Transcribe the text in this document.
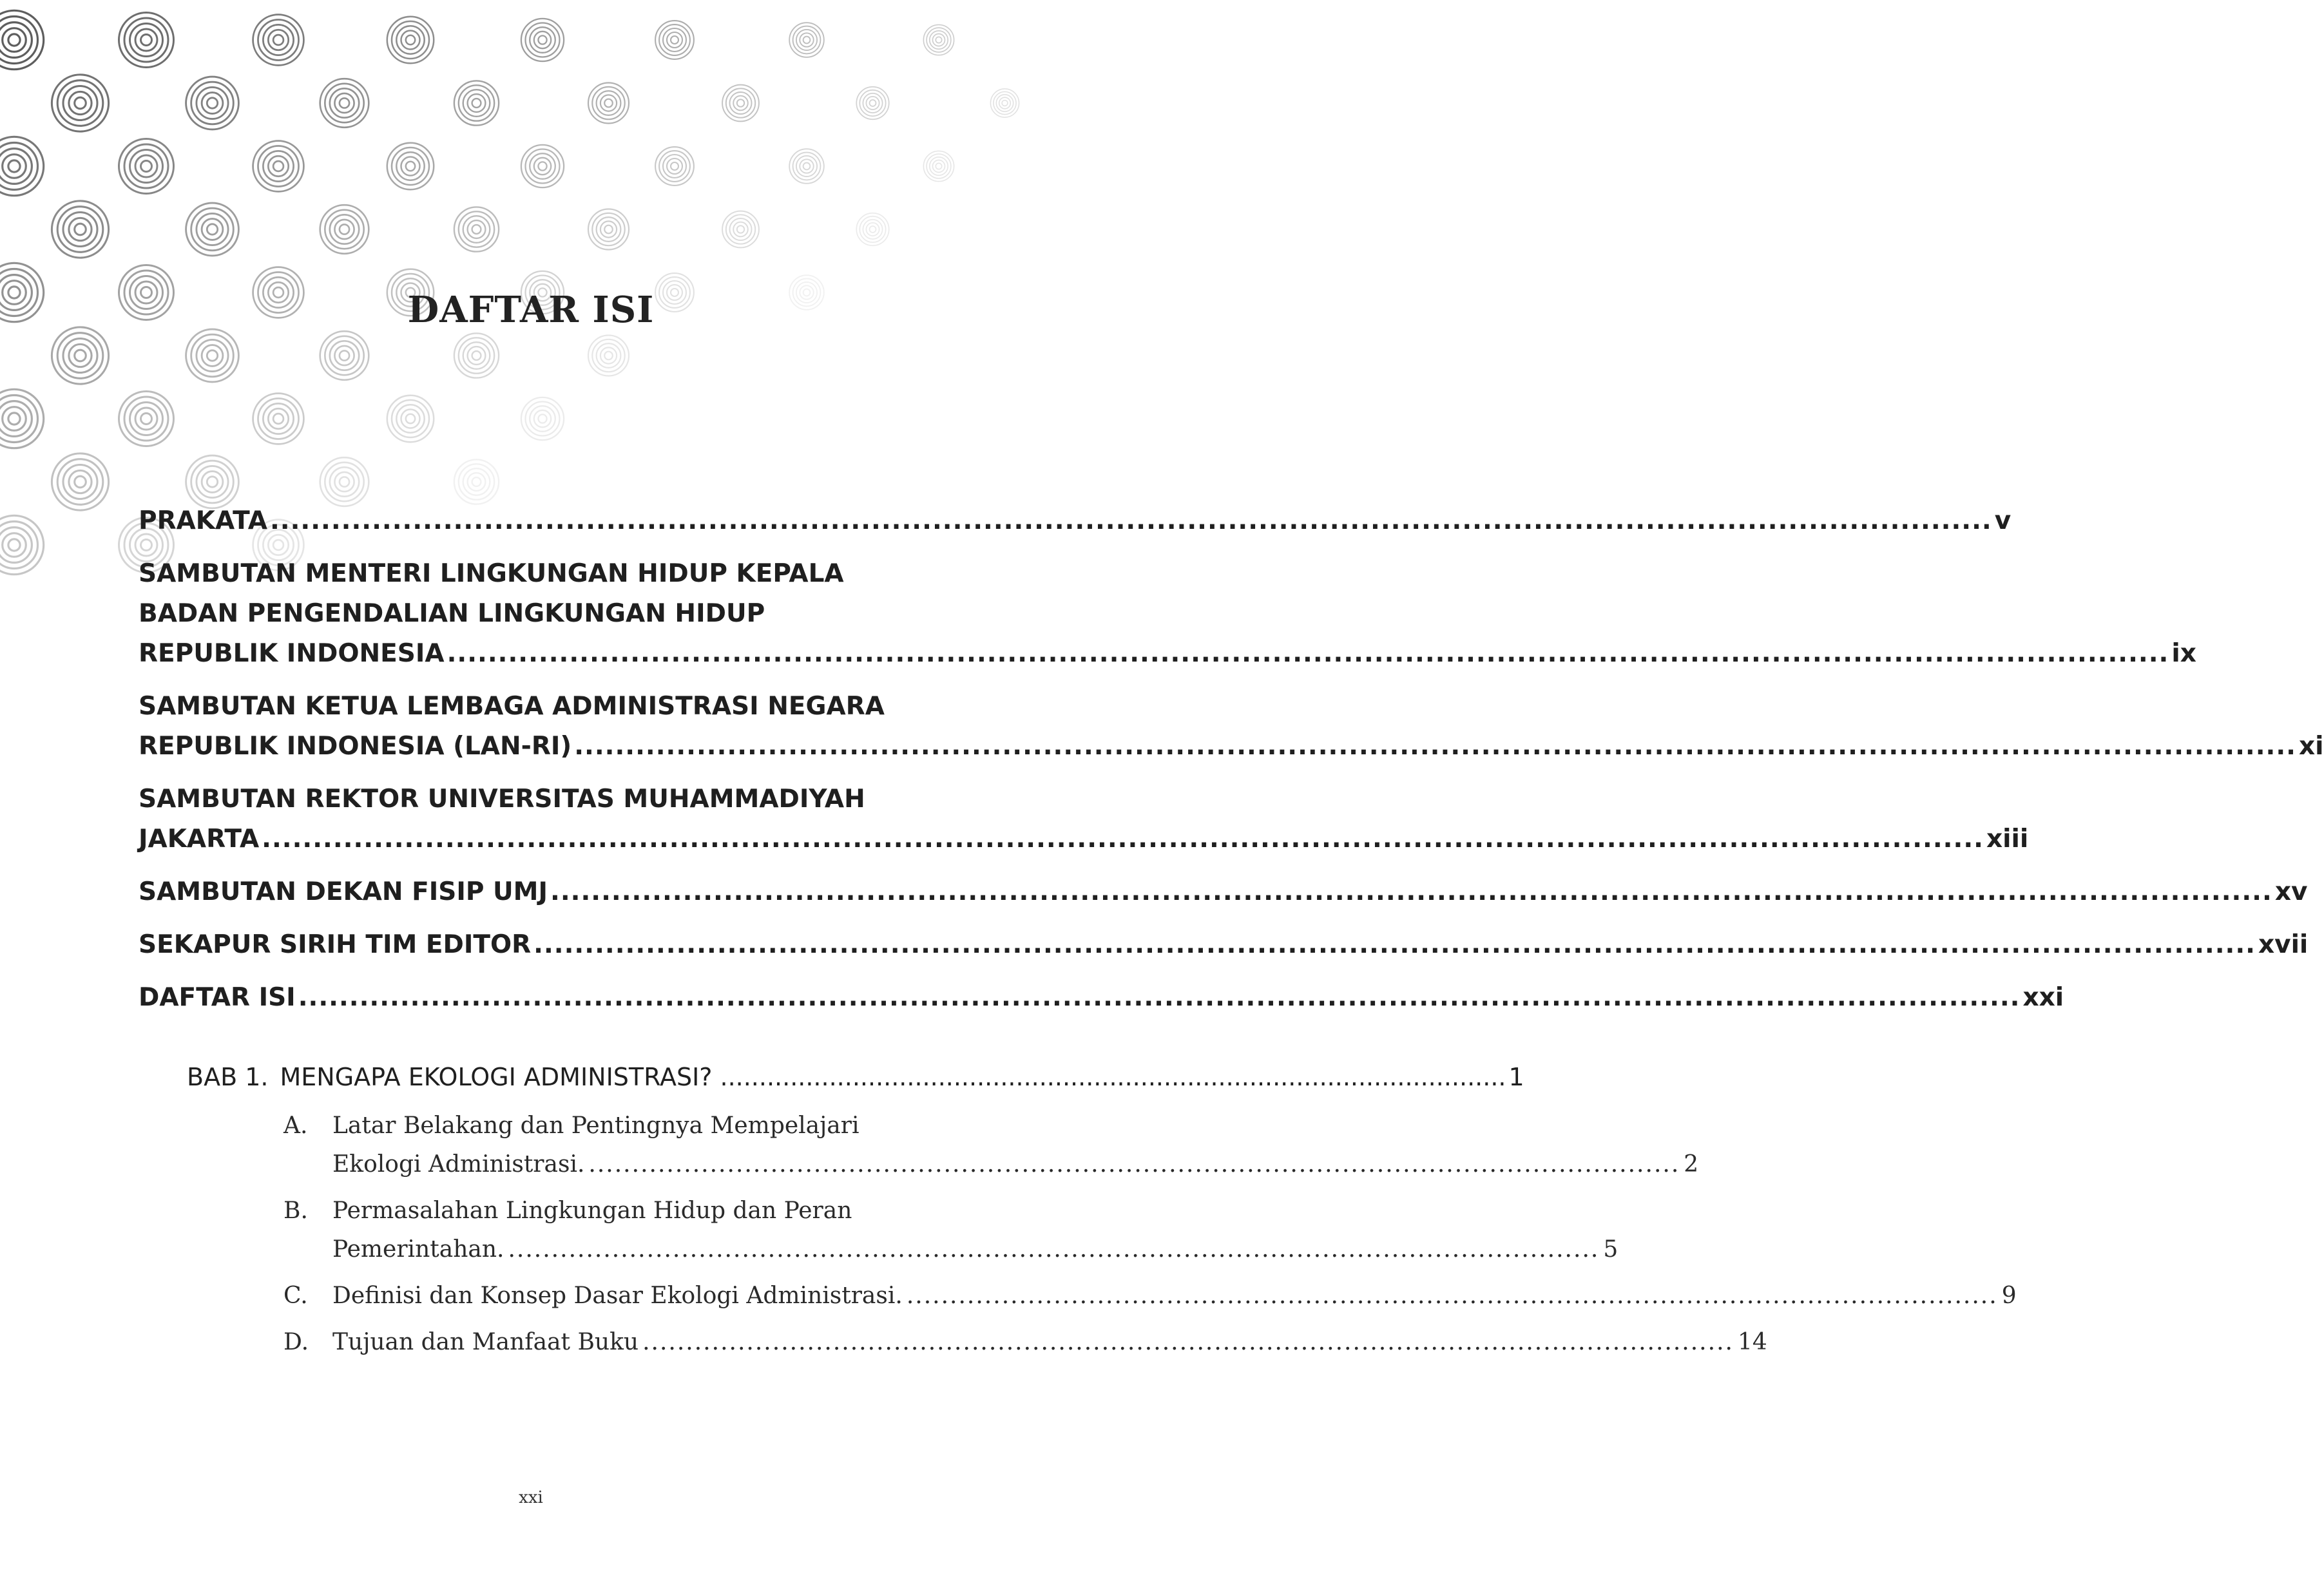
DAFTAR ISI
PRAKATA .....	v
SAMBUTAN MENTERI LINGKUNGAN HIDUP KEPALA
BADAN PENGENDALIAN LINGKUNGAN HIDUP
REPUBLIK INDONESIA .....	ix
SAMBUTAN KETUA LEMBAGA ADMINISTRASI NEGARA
REPUBLIK INDONESIA (LAN-RI) .....	xi
SAMBUTAN REKTOR UNIVERSITAS MUHAMMADIYAH
JAKARTA .....	xiii
SAMBUTAN DEKAN FISIP UMJ .....	xv
SEKAPUR SIRIH TIM EDITOR .....	xvii
DAFTAR ISI .....	xxi
BAB 1. MENGAPA EKOLOGI ADMINISTRASI? .....	1
A.	Latar Belakang dan Pentingnya Mempelajari
Ekologi Administrasi. .....	2
B.	Permasalahan Lingkungan Hidup dan Peran
Pemerintahan. .....	5
C.	Definisi dan Konsep Dasar Ekologi Administrasi. .....	9
D.	Tujuan dan Manfaat Buku .....	14
xxi
